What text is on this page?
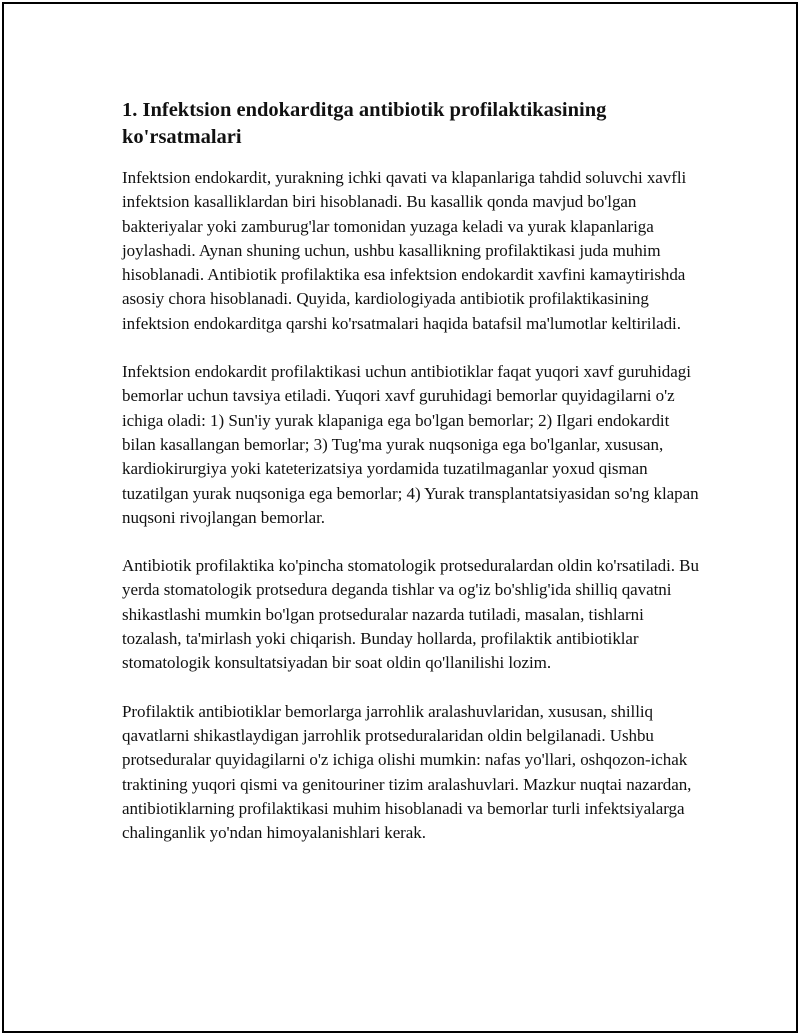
1. Infektsion endokarditga antibiotik profilaktikasining ko'rsatmalari

Infektsion endokardit, yurakning ichki qavati va klapanlariga tahdid soluvchi xavfli infektsion kasalliklardan biri hisoblanadi. Bu kasallik qonda mavjud bo'lgan bakteriyalar yoki zamburug'lar tomonidan yuzaga keladi va yurak klapanlariga joylashadi. Aynan shuning uchun, ushbu kasallikning profilaktikasi juda muhim hisoblanadi. Antibiotik profilaktika esa infektsion endokardit xavfini kamaytirishda asosiy chora hisoblanadi. Quyida, kardiologiyada antibiotik profilaktikasining infektsion endokarditga qarshi ko'rsatmalari haqida batafsil ma'lumotlar keltiriladi.

Infektsion endokardit profilaktikasi uchun antibiotiklar faqat yuqori xavf guruhidagi bemorlar uchun tavsiya etiladi. Yuqori xavf guruhidagi bemorlar quyidagilarni o'z ichiga oladi: 1) Sun'iy yurak klapaniga ega bo'lgan bemorlar; 2) Ilgari endokardit bilan kasallangan bemorlar; 3) Tug'ma yurak nuqsoniga ega bo'lganlar, xususan, kardiokirurgiya yoki kateterizatsiya yordamida tuzatilmaganlar yoxud qisman tuzatilgan yurak nuqsoniga ega bemorlar; 4) Yurak transplantatsiyasidan so'ng klapan nuqsoni rivojlangan bemorlar.

Antibiotik profilaktika ko'pincha stomatologik protseduralardan oldin ko'rsatiladi. Bu yerda stomatologik protsedura deganda tishlar va og'iz bo'shlig'ida shilliq qavatni shikastlashi mumkin bo'lgan protseduralar nazarda tutiladi, masalan, tishlarni tozalash, ta'mirlash yoki chiqarish. Bunday hollarda, profilaktik antibiotiklar stomatologik konsultatsiyadan bir soat oldin qo'llanilishi lozim.

Profilaktik antibiotiklar bemorlarga jarrohlik aralashuvlaridan, xususan, shilliq qavatlarni shikastlaydigan jarrohlik protseduralaridan oldin belgilanadi. Ushbu protseduralar quyidagilarni o'z ichiga olishi mumkin: nafas yo'llari, oshqozon-ichak traktining yuqori qismi va genitouriner tizim aralashuvlari. Mazkur nuqtai nazardan, antibiotiklarning profilaktikasi muhim hisoblanadi va bemorlar turli infektsiyalarga chalinganlik yo'ndan himoyalanishlari kerak.
